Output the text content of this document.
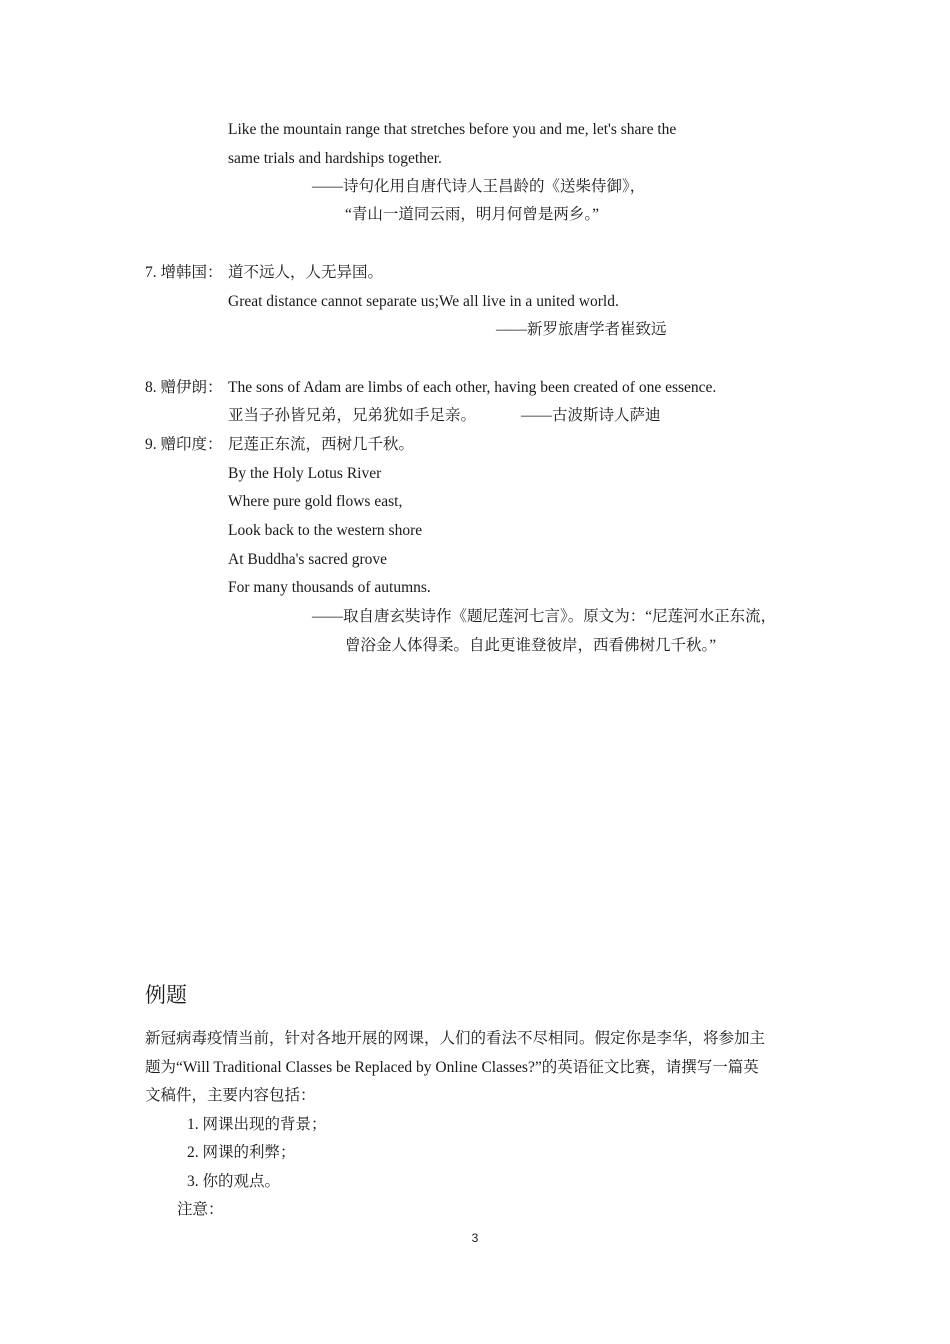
Like the mountain range that stretches before you and me, let's share the
same trials and hardships together.
——诗句化用自唐代诗人王昌龄的《送柴侍御》，
“青山一道同云雨，明月何曾是两乡。”
7. 增韩国： 道不远人，人无异国。
Great distance cannot separate us;We all live in a united world.
——新罗旅唐学者崔致远
8. 赠伊朗： The sons of Adam are limbs of each other, having been created of one essence.
亚当子孙皆兄弟，兄弟犹如手足亲。	——古波斯诗人萨迪
9. 赠印度： 尼莲正东流，西树几千秋。
By the Holy Lotus River
Where pure gold flows east,
Look back to the western shore
At Buddha's sacred grove
For many thousands of autumns.
——取自唐玄奘诗作《题尼莲河七言》。原文为：“尼莲河水正东流，
曾浴金人体得柔。自此更谁登彼岸，西看佛树几千秋。”
例题
新冠病毒疫情当前，针对各地开展的网课，人们的看法不尽相同。假定你是李华，将参加主
题为“Will Traditional Classes be Replaced by Online Classes?”的英语征文比赛，请撰写一篇英
文稿件，主要内容包括：
1. 网课出现的背景；
2. 网课的利弊；
3. 你的观点。
注意：
3
